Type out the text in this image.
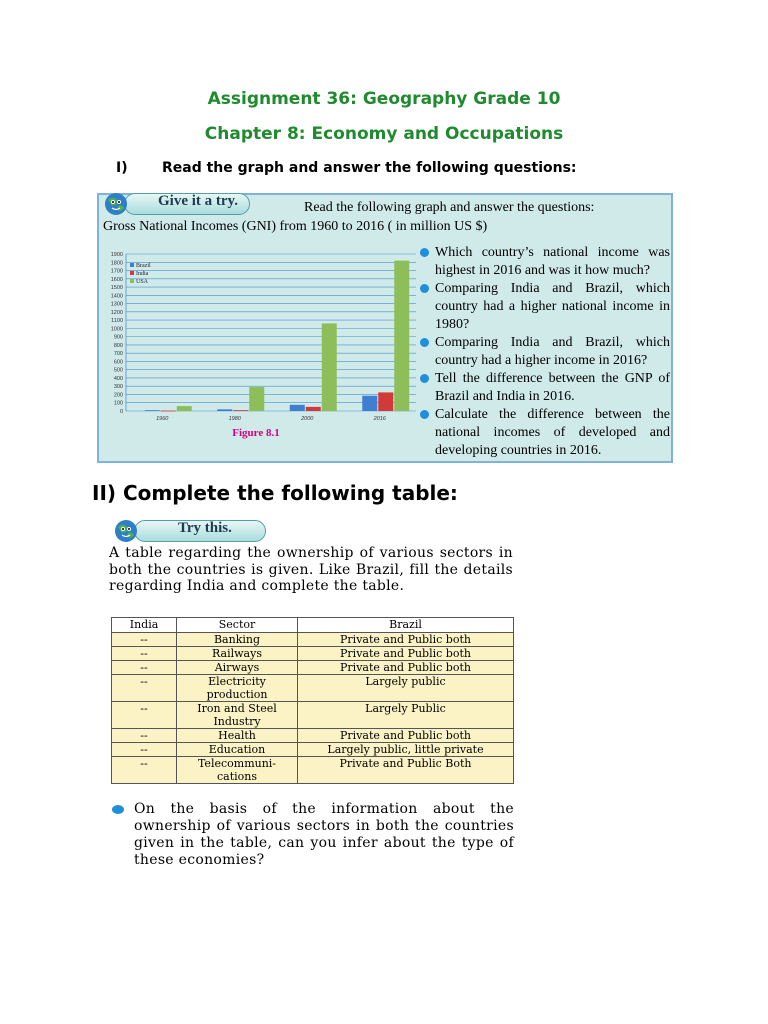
Assignment 36: Geography Grade 10
Chapter 8: Economy and Occupations
I) Read the graph and answer the following questions:
Give it a try.	Read the following graph and answer the questions:
Gross National Incomes (GNI) from 1960 to 2016 ( in million US $)
0
100
200
300
400
500
600
700
800
900
1000
1100
1200
1300
1400
1500
1600
1700
1800
1900
1960	1980	2000	2016
Brazil
India
USA
Figure 8.1
Which country’s national income was highest in 2016 and was it how much?
Comparing India and Brazil, which country had a higher national income in 1980?
Comparing India and Brazil, which country had a higher income in 2016?
Tell the difference between the GNP of Brazil and India in 2016.
Calculate the difference between the national incomes of developed and developing countries in 2016.
II) Complete the following table:
Try this.
A table regarding the ownership of various sectors in both the countries is given. Like Brazil, fill the details regarding India and complete the table.
India	Sector	Brazil
--	Banking	Private and Public both
--	Railways	Private and Public both
--	Airways	Private and Public both
--	Electricity production	Largely public
--	Iron and Steel Industry	Largely Public
--	Health	Private and Public both
--	Education	Largely public, little private
--	Telecommuni-cations	Private and Public Both
On the basis of the information about the ownership of various sectors in both the countries given in the table, can you infer about the type of these economies?
